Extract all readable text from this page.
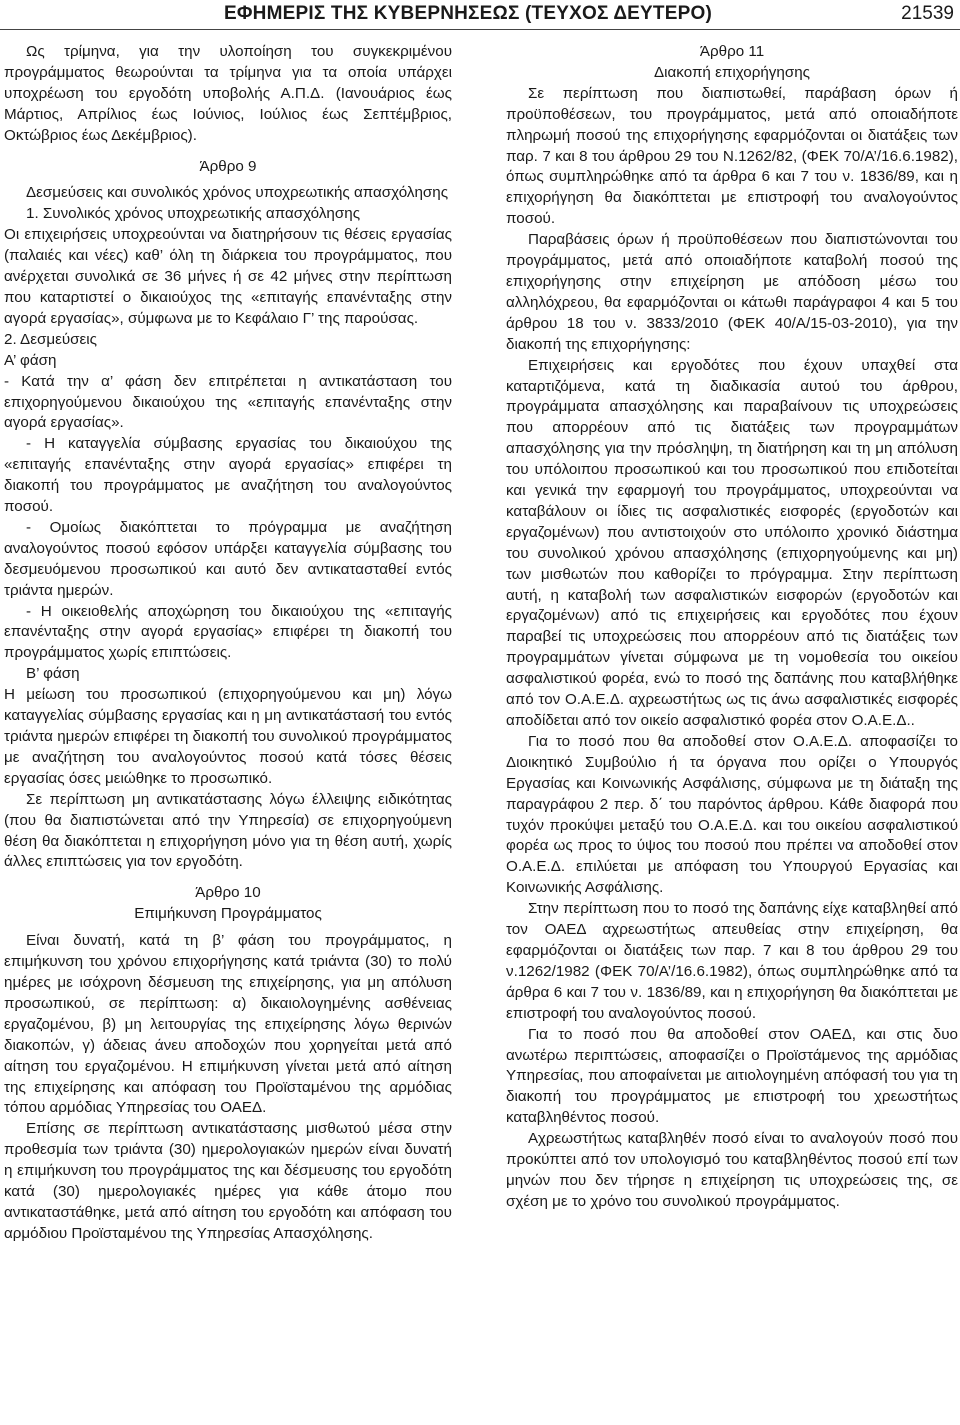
ΕΦΗΜΕΡΙΣ ΤΗΣ ΚΥΒΕΡΝΗΣΕΩΣ (ΤΕΥΧΟΣ ΔΕΥΤΕΡΟ)	21539

Ως τρίμηνα, για την υλοποίηση του συγκεκριμένου προγράμματος θεωρούνται τα τρίμηνα για τα οποία υπάρχει υποχρέωση του εργοδότη υποβολής Α.Π.Δ. (Ιανουάριος έως Μάρτιος, Απρίλιος έως Ιούνιος, Ιούλιος έως Σεπτέμβριος, Οκτώβριος έως Δεκέμβριος).

Άρθρο 9

Δεσμεύσεις και συνολικός χρόνος υποχρεωτικής απασχόλησης

1. Συνολικός χρόνος υποχρεωτικής απασχόλησης

Οι επιχειρήσεις υποχρεούνται να διατηρήσουν τις θέσεις εργασίας (παλαιές και νέες) καθ’ όλη τη διάρκεια του προγράμματος, που ανέρχεται συνολικά σε 36 μήνες ή σε 42 μήνες στην περίπτωση που καταρτιστεί ο δικαιούχος της «επιταγής επανένταξης στην αγορά εργασίας», σύμφωνα με το Κεφάλαιο Γ’ της παρούσας.

2. Δεσμεύσεις

Α’ φάση

- Κατά την α’ φάση δεν επιτρέπεται η αντικατάσταση του επιχορηγούμενου δικαιούχου της «επιταγής επανένταξης στην αγορά εργασίας».

- Η καταγγελία σύμβασης εργασίας του δικαιούχου της «επιταγής επανένταξης στην αγορά εργασίας» επιφέρει τη διακοπή του προγράμματος με αναζήτηση του αναλογούντος ποσού.

- Ομοίως διακόπτεται το πρόγραμμα με αναζήτηση αναλογούντος ποσού εφόσον υπάρξει καταγγελία σύμβασης του δεσμευόμενου προσωπικού και αυτό δεν αντικατασταθεί εντός τριάντα ημερών.

- Η οικειοθελής αποχώρηση του δικαιούχου της «επιταγής επανένταξης στην αγορά εργασίας» επιφέρει τη διακοπή του προγράμματος χωρίς επιπτώσεις.

Β’ φάση

Η μείωση του προσωπικού (επιχορηγούμενου και μη) λόγω καταγγελίας σύμβασης εργασίας και η μη αντικατάστασή του εντός τριάντα ημερών επιφέρει τη διακοπή του συνολικού προγράμματος με αναζήτηση του αναλογούντος ποσού κατά τόσες θέσεις εργασίας όσες μειώθηκε το προσωπικό.

Σε περίπτωση μη αντικατάστασης λόγω έλλειψης ειδικότητας (που θα διαπιστώνεται από την Υπηρεσία) σε επιχορηγούμενη θέση θα διακόπτεται η επιχορήγηση μόνο για τη θέση αυτή, χωρίς άλλες επιπτώσεις για τον εργοδότη.

Άρθρο 10

Επιμήκυνση Προγράμματος

Είναι δυνατή, κατά τη β’ φάση του προγράμματος, η επιμήκυνση του χρόνου επιχορήγησης κατά τριάντα (30) το πολύ ημέρες με ισόχρονη δέσμευση της επιχείρησης, για μη απόλυση προσωπικού, σε περίπτωση: α) δικαιολογημένης ασθένειας εργαζομένου, β) μη λειτουργίας της επιχείρησης λόγω θερινών διακοπών, γ) άδειας άνευ αποδοχών που χορηγείται μετά από αίτηση του εργαζομένου. Η επιμήκυνση γίνεται μετά από αίτηση της επιχείρησης και απόφαση του Προϊσταμένου της αρμόδιας τόπου αρμόδιας Υπηρεσίας του ΟΑΕΔ.

Επίσης σε περίπτωση αντικατάστασης μισθωτού μέσα στην προθεσμία των τριάντα (30) ημερολογιακών ημερών είναι δυνατή η επιμήκυνση του προγράμματος της και δέσμευσης του εργοδότη κατά (30) ημερολογιακές ημέρες για κάθε άτομο που αντικαταστάθηκε, μετά από αίτηση του εργοδότη και απόφαση του αρμόδιου Προϊσταμένου της Υπηρεσίας Απασχόλησης.

Άρθρο 11

Διακοπή επιχορήγησης

Σε περίπτωση που διαπιστωθεί, παράβαση όρων ή προϋποθέσεων, του προγράμματος, μετά από οποιαδήποτε πληρωμή ποσού της επιχορήγησης εφαρμόζονται οι διατάξεις των παρ. 7 και 8 του άρθρου 29 του Ν.1262/82, (ΦΕΚ 70/Α’/16.6.1982), όπως συμπληρώθηκε από τα άρθρα 6 και 7 του ν. 1836/89, και η επιχορήγηση θα διακόπτεται με επιστροφή του αναλογούντος ποσού.

Παραβάσεις όρων ή προϋποθέσεων που διαπιστώνονται του προγράμματος, μετά από οποιαδήποτε καταβολή ποσού της επιχορήγησης στην επιχείρηση με απόδοση μέσω του αλληλόχρεου, θα εφαρμόζονται οι κάτωθι παράγραφοι 4 και 5 του άρθρου 18 του ν. 3833/2010 (ΦΕΚ 40/Α/15-03-2010), για την διακοπή της επιχορήγησης:

Επιχειρήσεις και εργοδότες που έχουν υπαχθεί στα καταρτιζόμενα, κατά τη διαδικασία αυτού του άρθρου, προγράμματα απασχόλησης και παραβαίνουν τις υποχρεώσεις που απορρέουν από τις διατάξεις των προγραμμάτων απασχόλησης για την πρόσληψη, τη διατήρηση και τη μη απόλυση του υπόλοιπου προσωπικού και του προσωπικού που επιδοτείται και γενικά την εφαρμογή του προγράμματος, υποχρεούνται να καταβάλουν οι ίδιες τις ασφαλιστικές εισφορές (εργοδοτών και εργαζομένων) που αντιστοιχούν στο υπόλοιπο χρονικό διάστημα του συνολικού χρόνου απασχόλησης (επιχορηγούμενης και μη) των μισθωτών που καθορίζει το πρόγραμμα. Στην περίπτωση αυτή, η καταβολή των ασφαλιστικών εισφορών (εργοδοτών και εργαζομένων) από τις επιχειρήσεις και εργοδότες που έχουν παραβεί τις υποχρεώσεις που απορρέουν από τις διατάξεις των προγραμμάτων γίνεται σύμφωνα με τη νομοθεσία του οικείου ασφαλιστικού φορέα, ενώ το ποσό της δαπάνης που καταβλήθηκε από τον Ο.Α.Ε.Δ. αχρεωστήτως ως τις άνω ασφαλιστικές εισφορές αποδίδεται από τον οικείο ασφαλιστικό φορέα στον Ο.Α.Ε.Δ..

Για το ποσό που θα αποδοθεί στον Ο.Α.Ε.Δ. αποφασίζει το Διοικητικό Συμβούλιο ή τα όργανα που ορίζει ο Υπουργός Εργασίας και Κοινωνικής Ασφάλισης, σύμφωνα με τη διάταξη της παραγράφου 2 περ. δ΄ του παρόντος άρθρου. Κάθε διαφορά που τυχόν προκύψει μεταξύ του Ο.Α.Ε.Δ. και του οικείου ασφαλιστικού φορέα ως προς το ύψος του ποσού που πρέπει να αποδοθεί στον Ο.Α.Ε.Δ. επιλύεται με απόφαση του Υπουργού Εργασίας και Κοινωνικής Ασφάλισης.

Στην περίπτωση που το ποσό της δαπάνης είχε καταβληθεί από τον ΟΑΕΔ αχρεωστήτως απευθείας στην επιχείρηση, θα εφαρμόζονται οι διατάξεις των παρ. 7 και 8 του άρθρου 29 του ν.1262/1982 (ΦΕΚ 70/Α’/16.6.1982), όπως συμπληρώθηκε από τα άρθρα 6 και 7 του ν. 1836/89, και η επιχορήγηση θα διακόπτεται με επιστροφή του αναλογούντος ποσού.

Για το ποσό που θα αποδοθεί στον ΟΑΕΔ, και στις δυο ανωτέρω περιπτώσεις, αποφασίζει ο Προϊστάμενος της αρμόδιας Υπηρεσίας, που αποφαίνεται με αιτιολογημένη απόφασή του για τη διακοπή του προγράμματος με επιστροφή του χρεωστήτως καταβληθέντος ποσού.

Αχρεωστήτως καταβληθέν ποσό είναι το αναλογούν ποσό που προκύπτει από τον υπολογισμό του καταβληθέντος ποσού επί των μηνών που δεν τήρησε η επιχείρηση τις υποχρεώσεις της, σε σχέση με το χρόνο του συνολικού προγράμματος.
